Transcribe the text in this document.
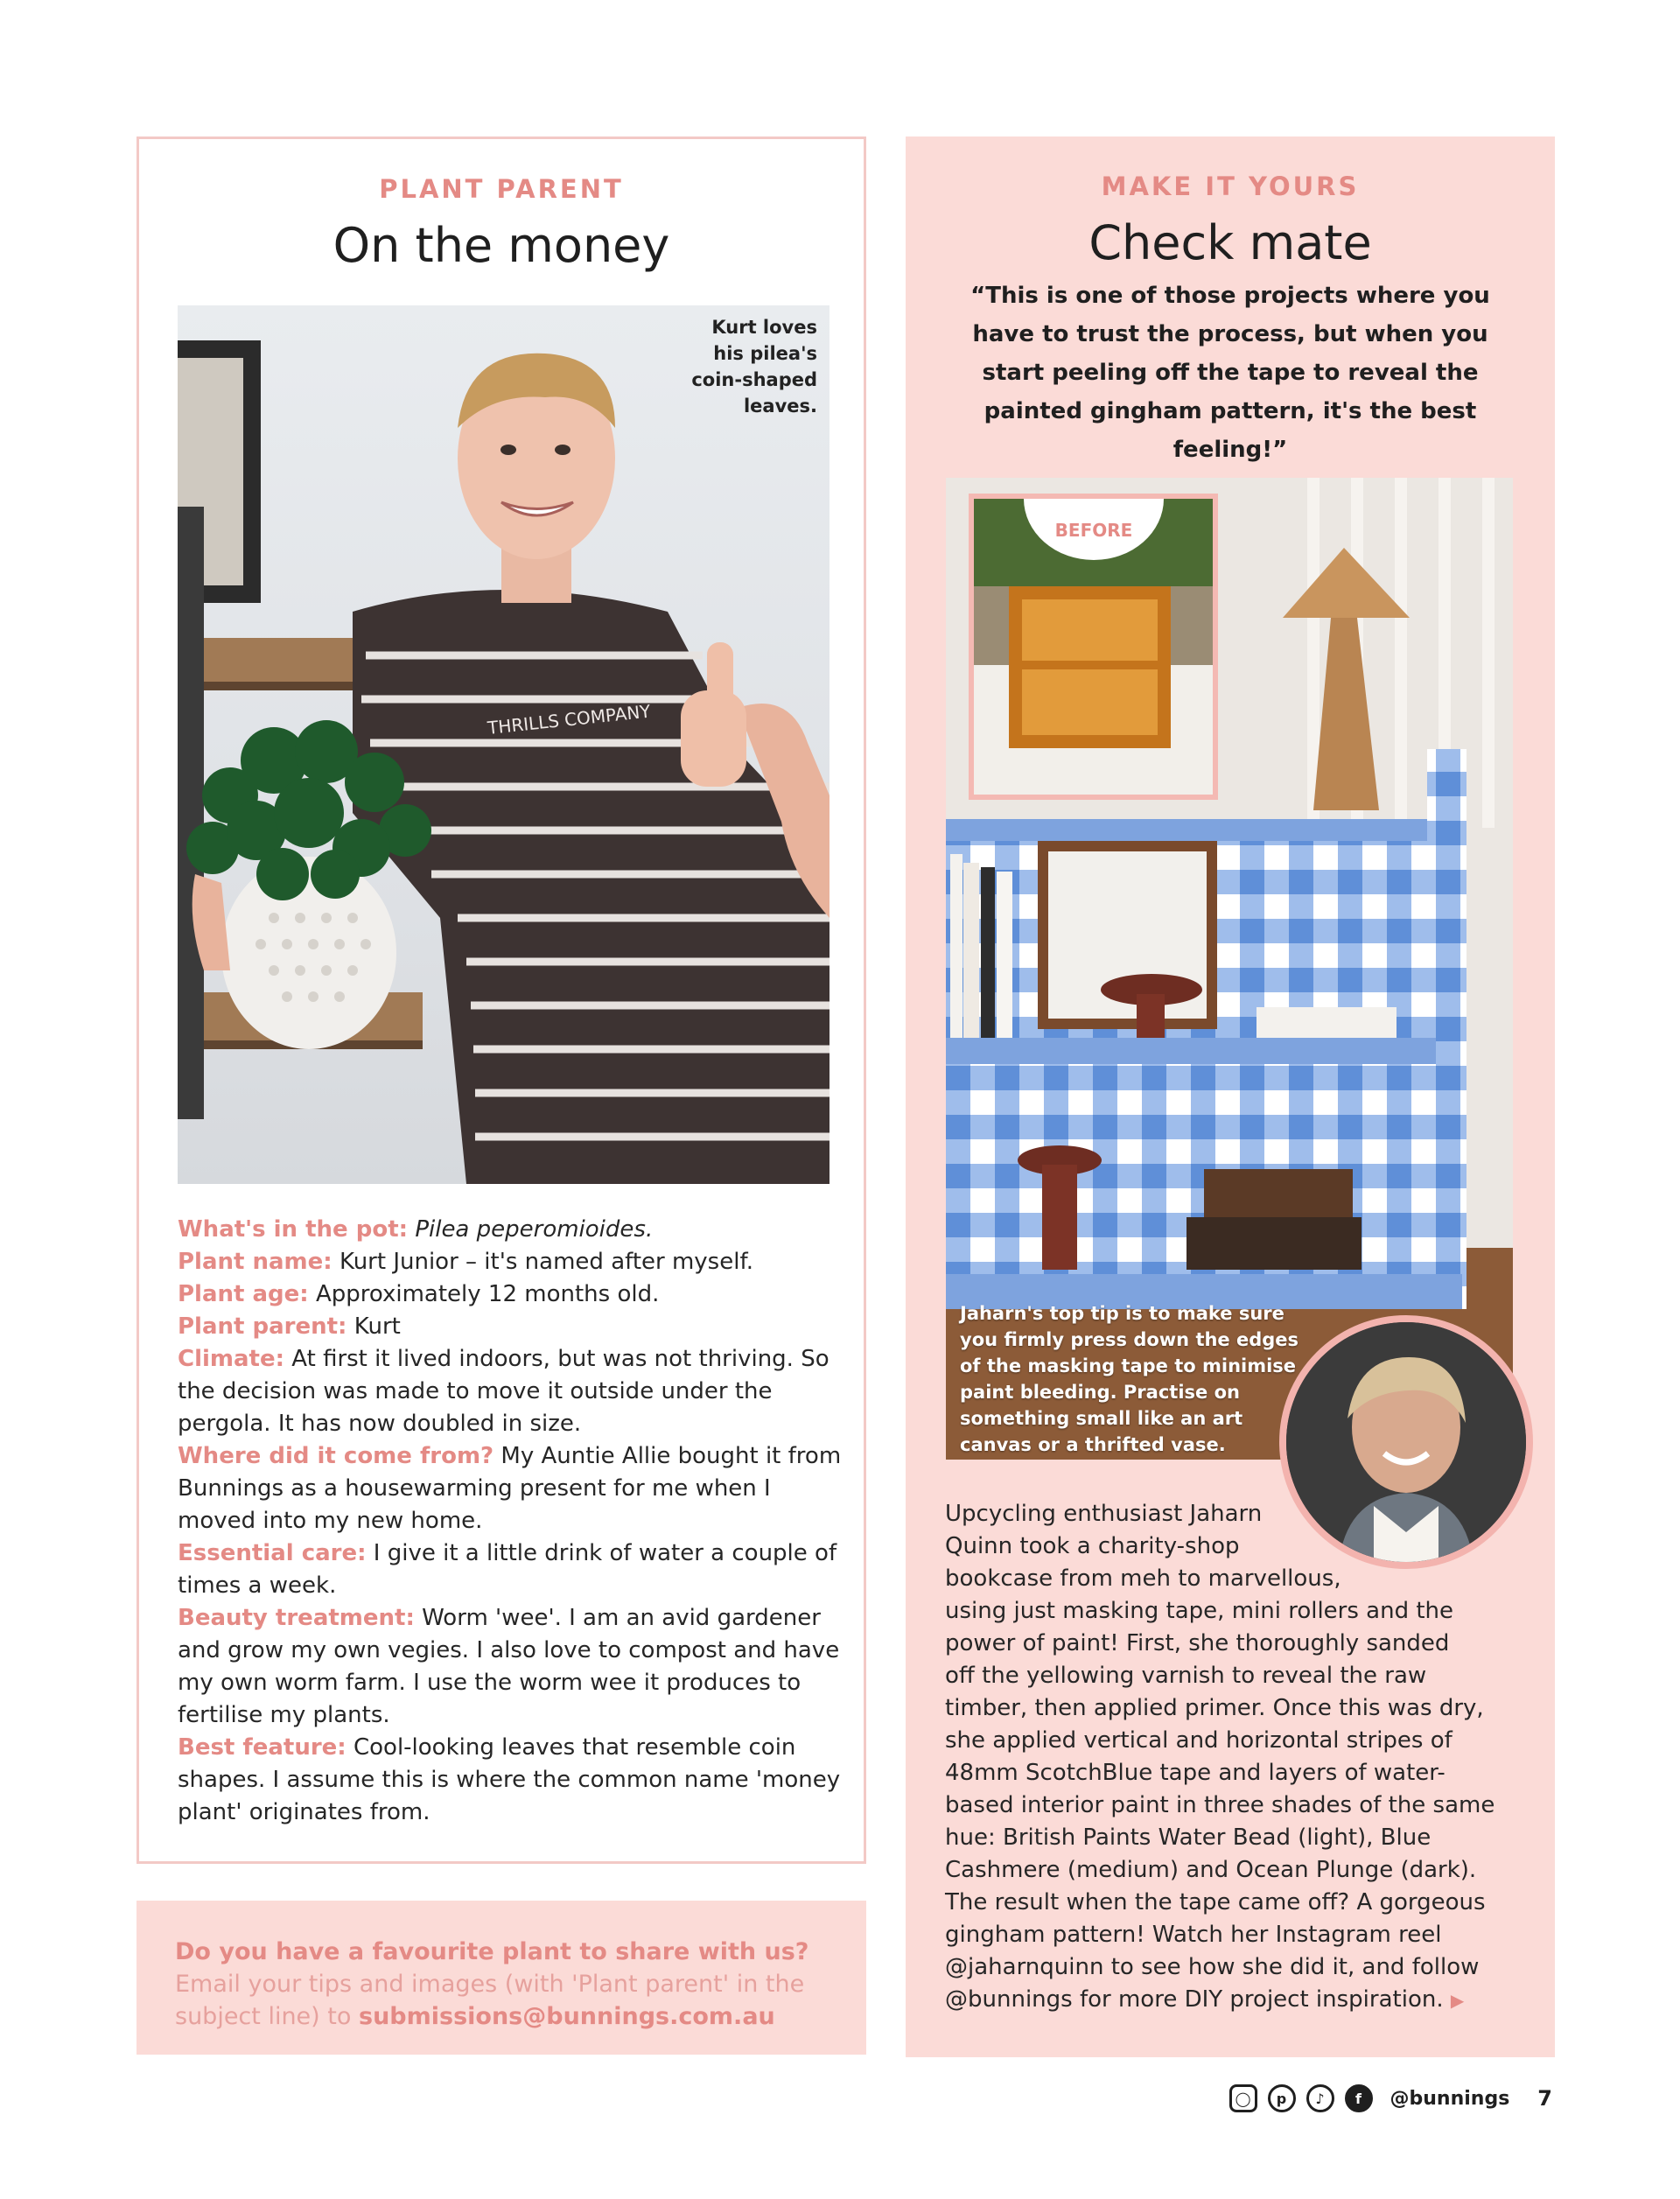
PLANT PARENT
On the money
THRILLS COMPANY
Kurt loves
his pilea's
coin-shaped
leaves.

What's in the pot: Pilea peperomioides.

Plant name: Kurt Junior – it's named after myself.

Plant age: Approximately 12 months old.

Plant parent: Kurt

Climate: At first it lived indoors, but was not thriving. So the decision was made to move it outside under the pergola. It has now doubled in size.

Where did it come from? My Auntie Allie bought it from Bunnings as a housewarming present for me when I moved into my new home.

Essential care: I give it a little drink of water a couple of times a week.

Beauty treatment: Worm 'wee'. I am an avid gardener and grow my own vegies. I also love to compost and have my own worm farm. I use the worm wee it produces to fertilise my plants.

Best feature: Cool-looking leaves that resemble coin shapes. I assume this is where the common name 'money plant' originates from.

Do you have a favourite plant to share with us? Email your tips and images (with 'Plant parent' in the subject line) to submissions@bunnings.com.au
MAKE IT YOURS
Check mate
“This is one of those projects where you have to trust the process, but when you start peeling off the tape to reveal the painted gingham pattern, it's the best feeling!”
BEFORE
Jaharn's top tip is to make sure you firmly press down the edges of the masking tape to minimise paint bleeding. Practise on something small like an art canvas or a thrifted vase.
Upcycling enthusiast Jaharn
Quinn took a charity-shop
bookcase from meh to marvellous,
using just masking tape, mini rollers and the
power of paint! First, she thoroughly sanded
off the yellowing varnish to reveal the raw
timber, then applied primer. Once this was dry,
she applied vertical and horizontal stripes of
48mm ScotchBlue tape and layers of water-
based interior paint in three shades of the same
hue: British Paints Water Bead (light), Blue
Cashmere (medium) and Ocean Plunge (dark).
The result when the tape came off? A gorgeous
gingham pattern! Watch her Instagram reel
@jaharnquinn to see how she did it, and follow
@bunnings for more DIY project inspiration. ▶
◯	p	♪	f	@bunnings 7
